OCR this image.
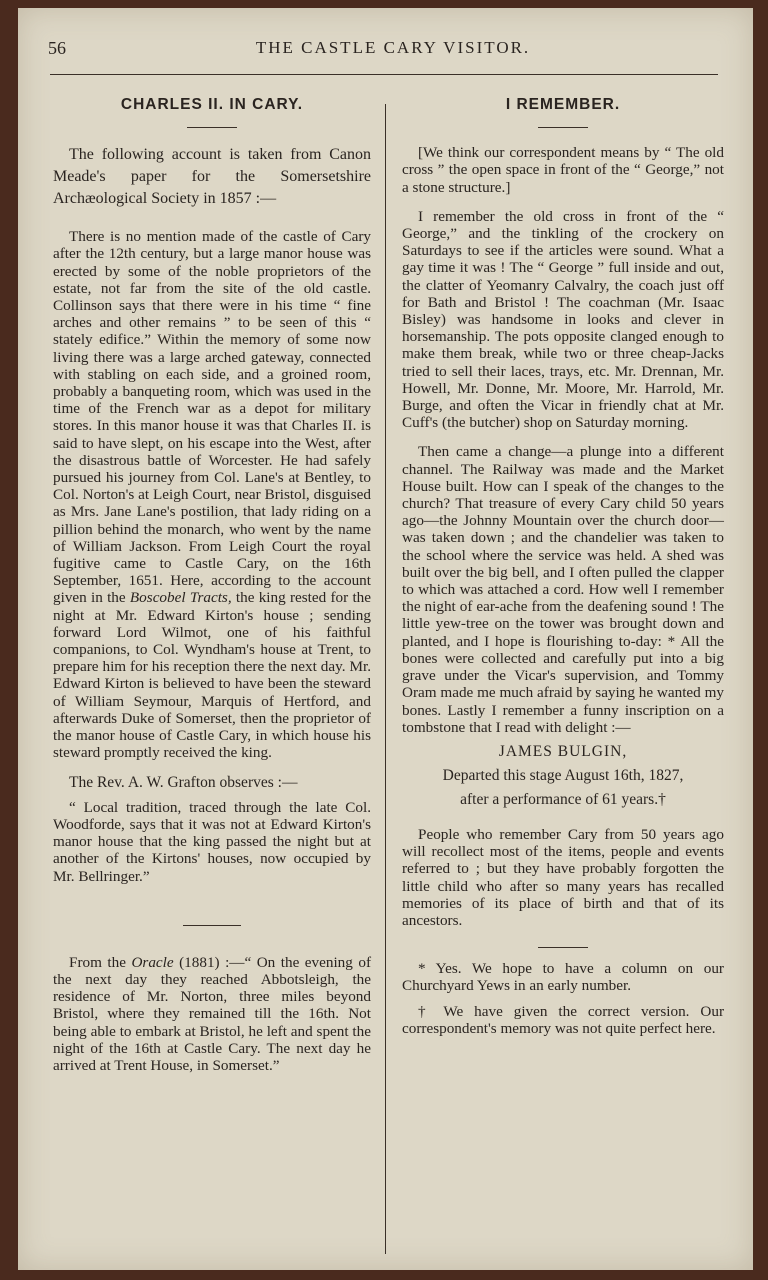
56	THE CASTLE CARY VISITOR.
CHARLES II. IN CARY.

The following account is taken from Canon Meade's paper for the Somersetshire Archæological Society in 1857 :—

There is no mention made of the castle of Cary after the 12th century, but a large manor house was erected by some of the noble proprietors of the estate, not far from the site of the old castle. Collinson says that there were in his time “ fine arches and other remains ” to be seen of this “ stately edifice.” Within the memory of some now living there was a large arched gateway, connected with stabling on each side, and a groined room, probably a banqueting room, which was used in the time of the French war as a depot for military stores. In this manor house it was that Charles II. is said to have slept, on his escape into the West, after the disastrous battle of Worcester. He had safely pursued his journey from Col. Lane's at Bentley, to Col. Norton's at Leigh Court, near Bristol, disguised as Mrs. Jane Lane's postilion, that lady riding on a pillion behind the monarch, who went by the name of William Jackson. From Leigh Court the royal fugitive came to Castle Cary, on the 16th September, 1651. Here, according to the account given in the Boscobel Tracts, the king rested for the night at Mr. Edward Kirton's house ; sending forward Lord Wilmot, one of his faithful companions, to Col. Wyndham's house at Trent, to prepare him for his reception there the next day. Mr. Edward Kirton is believed to have been the steward of William Seymour, Marquis of Hertford, and afterwards Duke of Somerset, then the proprietor of the manor house of Castle Cary, in which house his steward promptly received the king.

The Rev. A. W. Grafton observes :—

“ Local tradition, traced through the late Col. Woodforde, says that it was not at Edward Kirton's manor house that the king passed the night but at another of the Kirtons' houses, now occupied by Mr. Bellringer.”

From the Oracle (1881) :—“ On the evening of the next day they reached Abbotsleigh, the residence of Mr. Norton, three miles beyond Bristol, where they remained till the 16th. Not being able to embark at Bristol, he left and spent the night of the 16th at Castle Cary. The next day he arrived at Trent House, in Somerset.”

I REMEMBER.

[We think our correspondent means by “ The old cross ” the open space in front of the “ George,” not a stone structure.]

I remember the old cross in front of the “ George,” and the tinkling of the crockery on Saturdays to see if the articles were sound. What a gay time it was ! The “ George ” full inside and out, the clatter of Yeomanry Calvalry, the coach just off for Bath and Bristol ! The coachman (Mr. Isaac Bisley) was handsome in looks and clever in horsemanship. The pots opposite clanged enough to make them break, while two or three cheap-Jacks tried to sell their laces, trays, etc. Mr. Drennan, Mr. Howell, Mr. Donne, Mr. Moore, Mr. Harrold, Mr. Burge, and often the Vicar in friendly chat at Mr. Cuff's (the butcher) shop on Saturday morning.

Then came a change—a plunge into a different channel. The Railway was made and the Market House built. How can I speak of the changes to the church? That treasure of every Cary child 50 years ago—the Johnny Mountain over the church door—was taken down ; and the chandelier was taken to the school where the service was held. A shed was built over the big bell, and I often pulled the clapper to which was attached a cord. How well I remember the night of ear-ache from the deafening sound ! The little yew-tree on the tower was brought down and planted, and I hope is flourishing to-day: * All the bones were collected and carefully put into a big grave under the Vicar's supervision, and Tommy Oram made me much afraid by saying he wanted my bones. Lastly I remember a funny inscription on a tombstone that I read with delight :—

JAMES BULGIN,
Departed this stage August 16th, 1827,
after a performance of 61 years.†

People who remember Cary from 50 years ago will recollect most of the items, people and events referred to ; but they have probably forgotten the little child who after so many years has recalled memories of its place of birth and that of its ancestors.

* Yes. We hope to have a column on our Churchyard Yews in an early number.

† We have given the correct version. Our correspondent's memory was not quite perfect here.
